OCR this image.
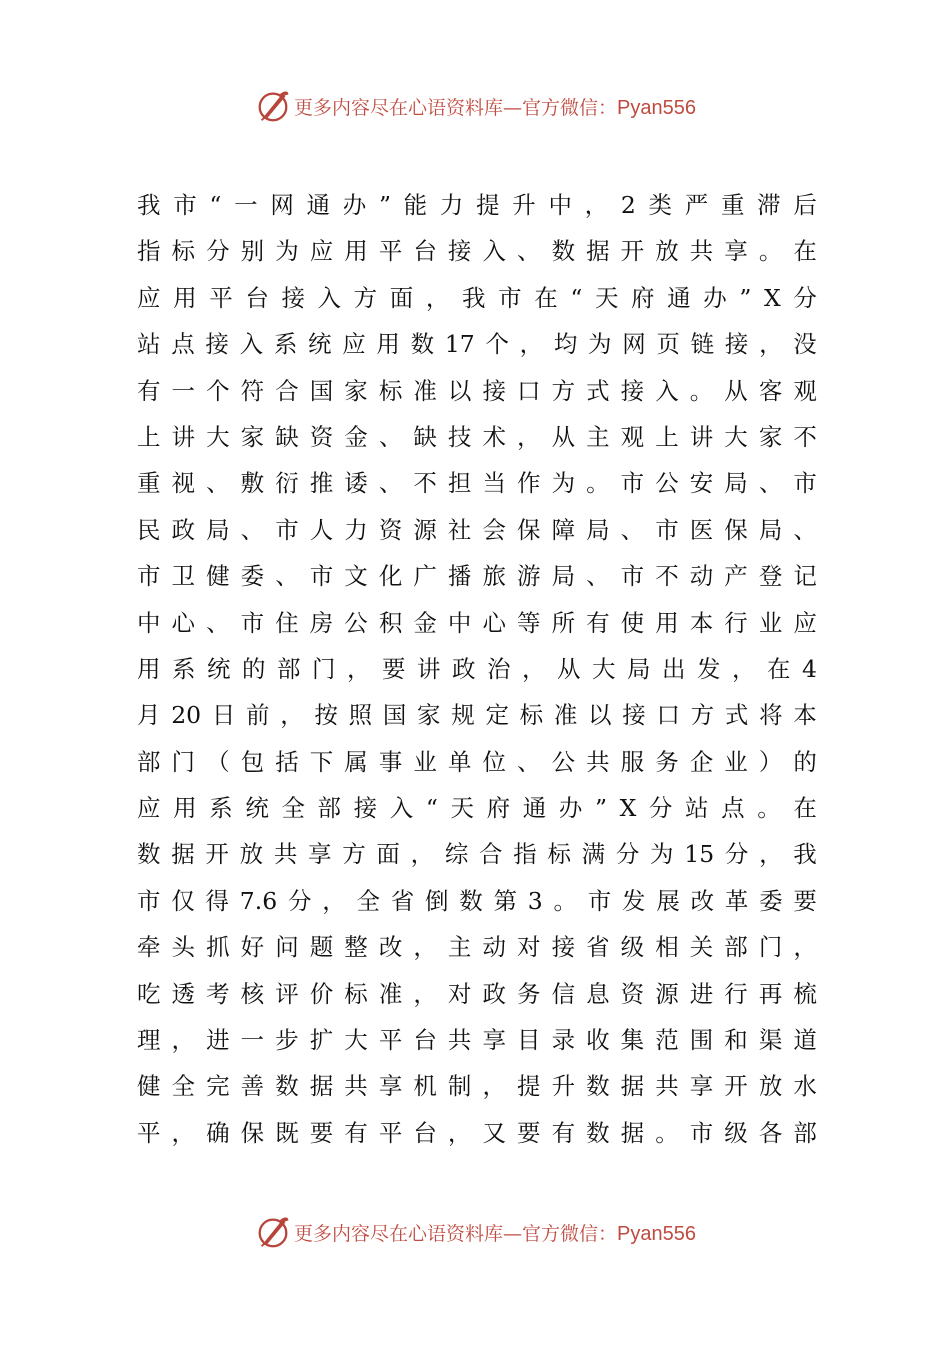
更多内容尽在心语资料库—官方微信：Pyan556
我 市 “ 一 网 通 办 ” 能 力 提 升 中 ， 2 类 严 重 滞 后
指 标 分 别 为 应 用 平 台 接 入 、 数 据 开 放 共 享 。 在
应 用 平 台 接 入 方 面 ， 我 市 在 “ 天 府 通 办 ” X 分
站 点 接 入 系 统 应 用 数 17 个 ， 均 为 网 页 链 接 ， 没
有 一 个 符 合 国 家 标 准 以 接 口 方 式 接 入 。 从 客 观
上 讲 大 家 缺 资 金 、 缺 技 术 ， 从 主 观 上 讲 大 家 不
重 视 、 敷 衍 推 诿 、 不 担 当 作 为 。 市 公 安 局 、 市
民 政 局 、 市 人 力 资 源 社 会 保 障 局 、 市 医 保 局 、
市 卫 健 委 、 市 文 化 广 播 旅 游 局 、 市 不 动 产 登 记
中 心 、 市 住 房 公 积 金 中 心 等 所 有 使 用 本 行 业 应
用 系 统 的 部 门 ， 要 讲 政 治 ， 从 大 局 出 发 ， 在 4
月 20 日 前 ， 按 照 国 家 规 定 标 准 以 接 口 方 式 将 本
部 门 （ 包 括 下 属 事 业 单 位 、 公 共 服 务 企 业 ） 的
应 用 系 统 全 部 接 入 “ 天 府 通 办 ” X 分 站 点 。 在
数 据 开 放 共 享 方 面 ， 综 合 指 标 满 分 为 15 分 ， 我
市 仅 得 7.6 分 ， 全 省 倒 数 第 3 。 市 发 展 改 革 委 要
牵 头 抓 好 问 题 整 改 ， 主 动 对 接 省 级 相 关 部 门 ，
吃 透 考 核 评 价 标 准 ， 对 政 务 信 息 资 源 进 行 再 梳
理 ， 进 一 步 扩 大 平 台 共 享 目 录 收 集 范 围 和 渠 道
健 全 完 善 数 据 共 享 机 制 ， 提 升 数 据 共 享 开 放 水
平 ， 确 保 既 要 有 平 台 ， 又 要 有 数 据 。 市 级 各 部
更多内容尽在心语资料库—官方微信：Pyan556
